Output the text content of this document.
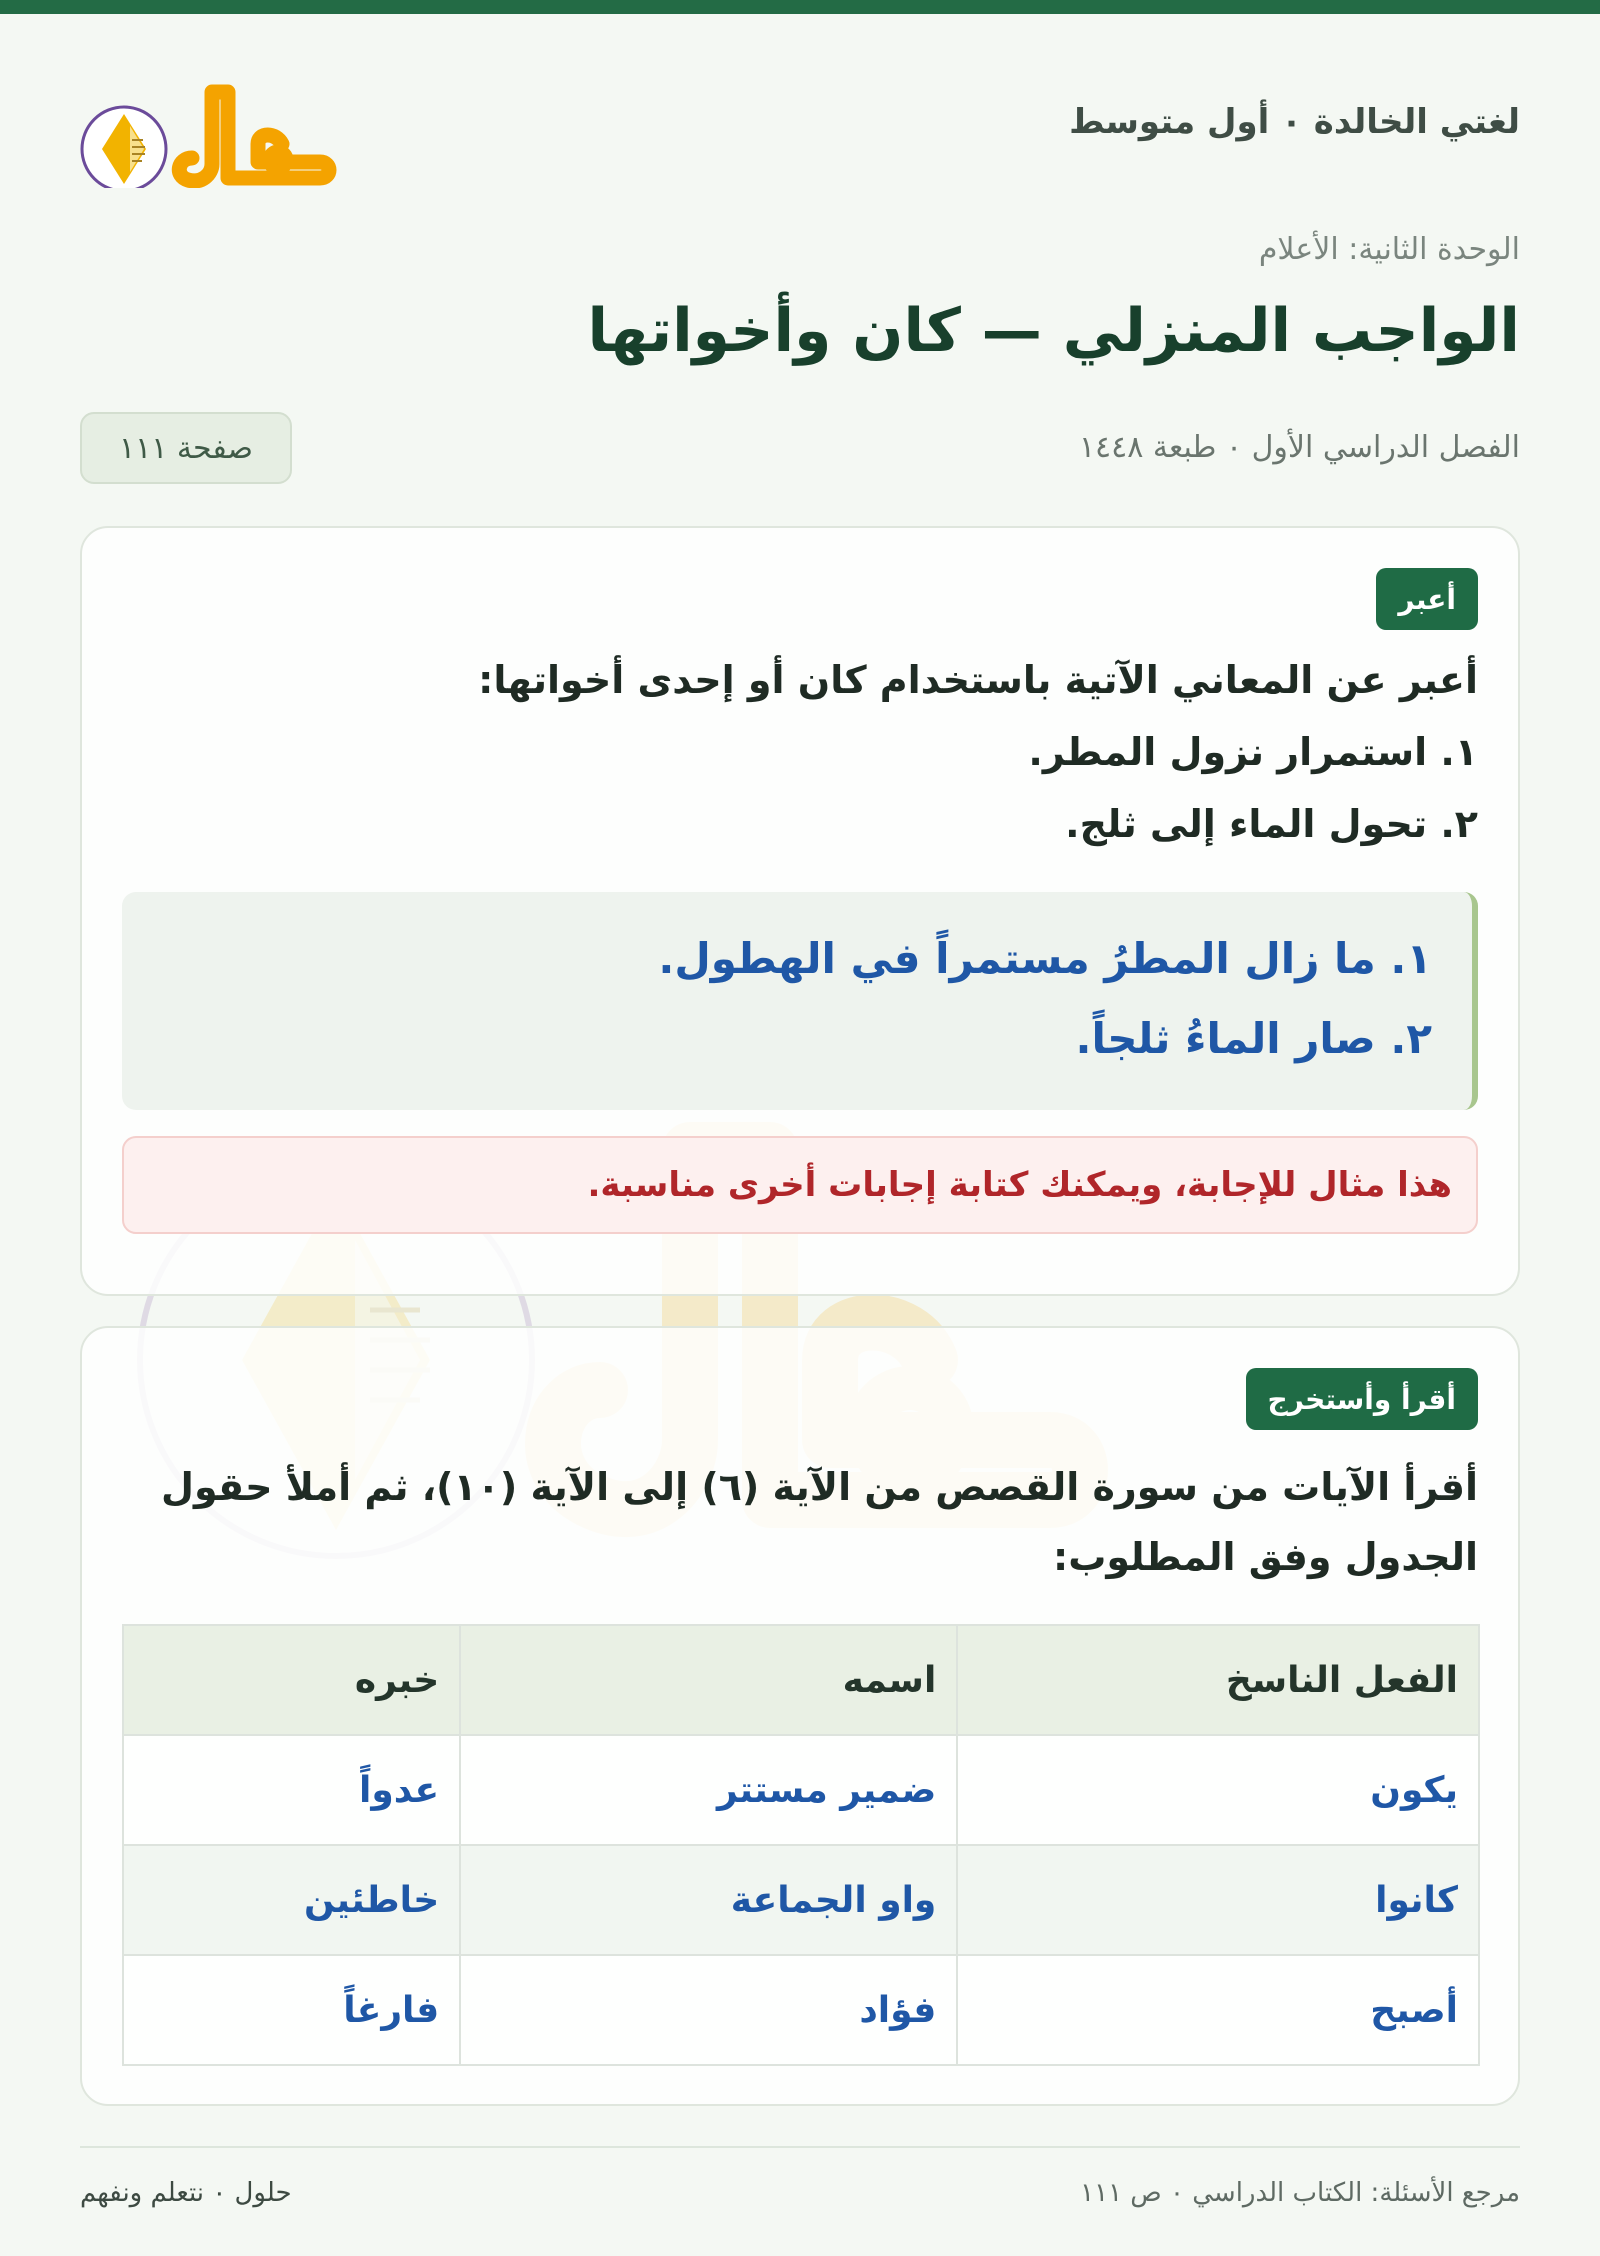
لغتي الخالدة ٠ أول متوسط
الوحدة الثانية: الأعلام
الواجب المنزلي — كان وأخواتها
الفصل الدراسي الأول ٠ طبعة ١٤٤٨
صفحة ١١١
أعبر
أعبر عن المعاني الآتية باستخدام كان أو إحدى أخواتها:
١. استمرار نزول المطر.
٢. تحول الماء إلى ثلج.
١. ما زال المطرُ مستمراً في الهطول.
٢. صار الماءُ ثلجاً.
هذا مثال للإجابة، ويمكنك كتابة إجابات أخرى مناسبة.
أقرأ وأستخرج
أقرأ الآيات من سورة القصص من الآية (٦) إلى الآية (١٠)، ثم أملأ حقول الجدول وفق المطلوب:
الفعل الناسخ	اسمه	خبره
يكون	ضمير مستتر	عدواً
كانوا	واو الجماعة	خاطئين
أصبح	فؤاد	فارغاً
مرجع الأسئلة: الكتاب الدراسي ٠ ص ١١١
حلول ٠ نتعلم ونفهم
